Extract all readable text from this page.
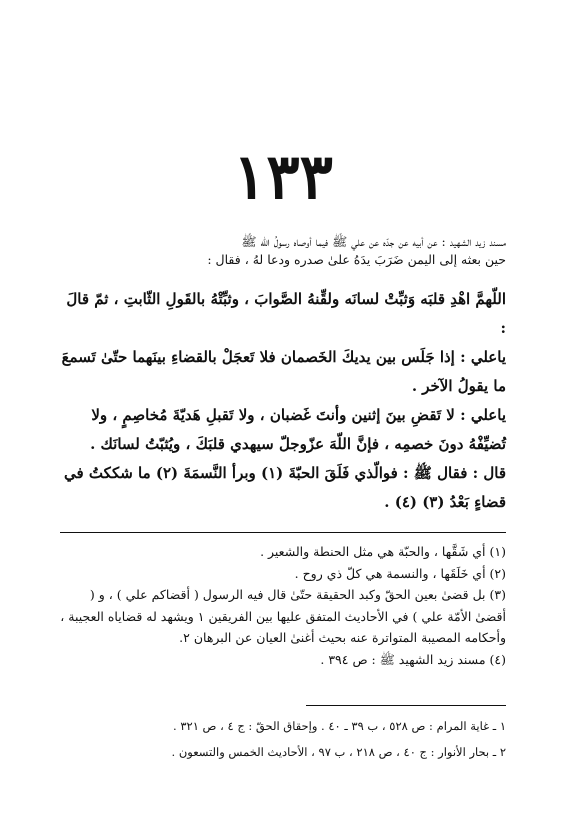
١٣٣
مسند زيد الشهيد : عن أبيه عن جدّه عن علي ﷺ فيما أوصاه رسولُ الله ﷺ
حين بعثه إلى اليمن ضَرَبَ يدَهُ علىٰ صدره ودعا لهُ ، فقال :

اللّهمَّ اهْدِ قلبَه وَثبِّتْ لسانَه ولقِّنهُ الصَّوابَ ، وثبِّتْهُ بالقَولِ الثّابتِ ، ثمّ قالَ :

ياعلي : إذا جَلَس بين يديكَ الخَصمان فلا تَعجَلْ بالقضاءِ بينَهما حتّىٰ تَسمعَ ما يقولُ الآخر .

ياعلي : لا تَقضِ بينَ إثنين وأنتَ غَضبان ، ولا تَقبلِ هَديّةَ مُخاصِمٍ ، ولا تُضيِّفْهُ دونَ خصمِه ، فإنَّ اللّهَ عزّوجلّ سيهدي قلبَكَ ، ويُثبّتُ لسانَك .

قال : فقال ﷺ : فوالّذي فَلَقَ الحبّةَ (١) وبرأ النَّسمَةَ (٢) ما شككتُ في قضاءٍ بَعْدُ (٣) (٤) .

(١) أي شَقَّها ، والحبّة هي مثل الحنطة والشعير .

(٢) أي خَلَقَها ، والنسمة هي كلّ ذي روح .

(٣) بل قضىٰ بعين الحقّ وكبد الحقيقة حتّىٰ قال فيه الرسول ( أقضاكم علي ) ، و ( أقضىٰ الأمّة علي ) في الأحاديث المتفق عليها بين الفريقين ١ ويشهد له قضاياه العجيبة ، وأحكامه المصيبة المتواترة عنه بحيث أغنىٰ العيان عن البرهان ٢.

(٤) مسند زيد الشهيد ﷺ : ص ٣٩٤ .

١ ـ غاية المرام : ص ٥٢٨ ، ب ٣٩ ـ ٤٠ . وإحقاق الحقّ : ج ٤ ، ص ٣٢١ .

٢ ـ بحار الأنوار : ج ٤٠ ، ص ٢١٨ ، ب ٩٧ ، الأحاديث الخمس والتسعون .
